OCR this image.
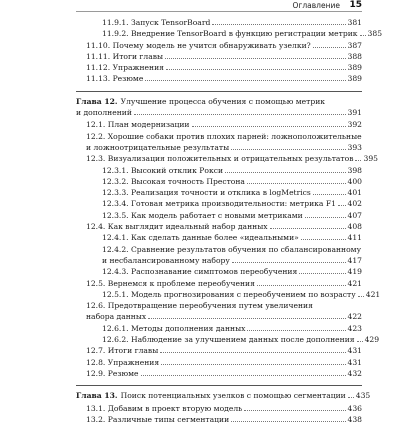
Оглавление 15
11.9.1. Запуск TensorBoard	381
11.9.2. Внедрение TensorBoard в функцию регистрации метрик 385
11.10. Почему модель не учится обнаруживать узелки?	387
11.11. Итоги главы	388
11.12. Упражнения	389
11.13. Резюме	389
Глава 12. Улучшение процесса обучения с помощью метрик
и дополнений	391
12.1. План модернизации	392
12.2. Хорошие собаки против плохих парней: ложноположительные
и ложноотрицательные результаты	393
12.3. Визуализация положительных и отрицательных результатов 395
12.3.1. Высокий отклик Рокси	398
12.3.2. Высокая точность Престона	400
12.3.3. Реализация точности и отклика в logMetrics	401
12.3.4. Готовая метрика производительности: метрика F1 402
12.3.5. Как модель работает с новыми метриками	407
12.4. Как выглядит идеальный набор данных	408
12.4.1. Как сделать данные более «идеальными»	411
12.4.2. Сравнение результатов обучения по сбалансированному
и несбалансированному набору	417
12.4.3. Распознавание симптомов переобучения	419
12.5. Вернемся к проблеме переобучения	421
12.5.1. Модель прогнозирования с переобучением по возрасту 421
12.6. Предотвращение переобучения путем увеличения
набора данных	422
12.6.1. Методы дополнения данных	423
12.6.2. Наблюдение за улучшением данных после дополнения 429
12.7. Итоги главы	431
12.8. Упражнения	431
12.9. Резюме	432
Глава 13. Поиск потенциальных узелков с помощью сегментации 435
13.1. Добавим в проект вторую модель	436
13.2. Различные типы сегментации	438
